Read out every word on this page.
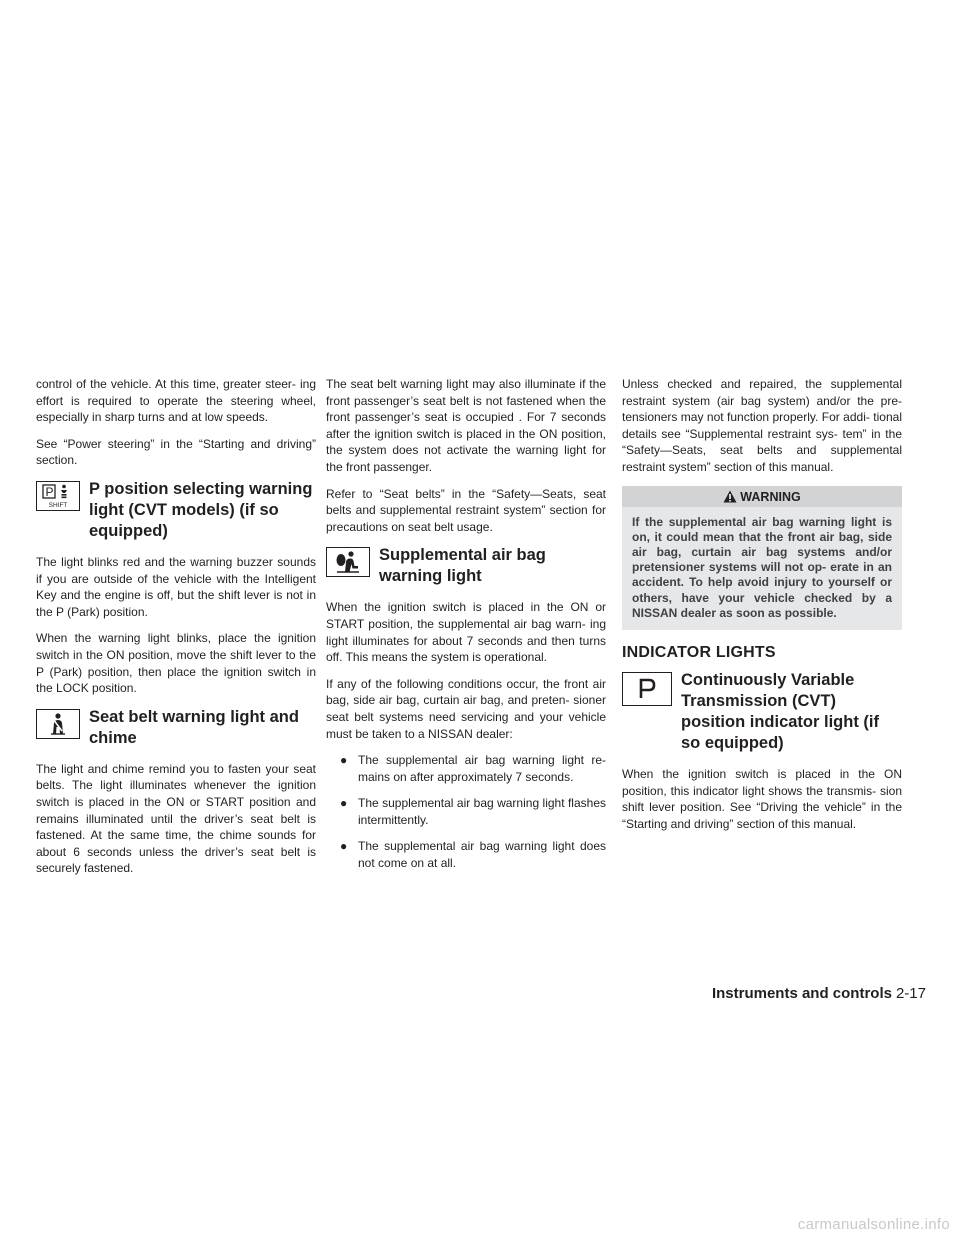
control of the vehicle. At this time, greater steer- ing effort is required to operate the steering wheel, especially in sharp turns and at low speeds.

See “Power steering” in the “Starting and driving” section.

P
SHIFT
P position selecting warning light (CVT models) (if so equipped)

The light blinks red and the warning buzzer sounds if you are outside of the vehicle with the Intelligent Key and the engine is off, but the shift lever is not in the P (Park) position.

When the warning light blinks, place the ignition switch in the ON position, move the shift lever to the P (Park) position, then place the ignition switch in the LOCK position.

Seat belt warning light and chime

The light and chime remind you to fasten your seat belts. The light illuminates whenever the ignition switch is placed in the ON or START position and remains illuminated until the driver’s seat belt is fastened. At the same time, the chime sounds for about 6 seconds unless the driver’s seat belt is securely fastened.

The seat belt warning light may also illuminate if the front passenger’s seat belt is not fastened when the front passenger’s seat is occupied . For 7 seconds after the ignition switch is placed in the ON position, the system does not activate the warning light for the front passenger.

Refer to “Seat belts” in the “Safety—Seats, seat belts and supplemental restraint system” section for precautions on seat belt usage.

Supplemental air bag warning light

When the ignition switch is placed in the ON or START position, the supplemental air bag warn- ing light illuminates for about 7 seconds and then turns off. This means the system is operational.

If any of the following conditions occur, the front air bag, side air bag, curtain air bag, and preten- sioner seat belt systems need servicing and your vehicle must be taken to a NISSAN dealer:

● The supplemental air bag warning light re- mains on after approximately 7 seconds.
● The supplemental air bag warning light flashes intermittently.
● The supplemental air bag warning light does not come on at all.

Unless checked and repaired, the supplemental restraint system (air bag system) and/or the pre- tensioners may not function properly. For addi- tional details see “Supplemental restraint sys- tem” in the “Safety—Seats, seat belts and supplemental restraint system” section of this manual.

WARNING
If the supplemental air bag warning light is on, it could mean that the front air bag, side air bag, curtain air bag systems and/or pretensioner systems will not op- erate in an accident. To help avoid injury to yourself or others, have your vehicle checked by a NISSAN dealer as soon as possible.
INDICATOR LIGHTS
Continuously Variable Transmission (CVT) position indicator light (if so equipped)

When the ignition switch is placed in the ON position, this indicator light shows the transmis- sion shift lever position. See “Driving the vehicle” in the “Starting and driving” section of this manual.

Instruments and controls 2-17
carmanualsonline.info
